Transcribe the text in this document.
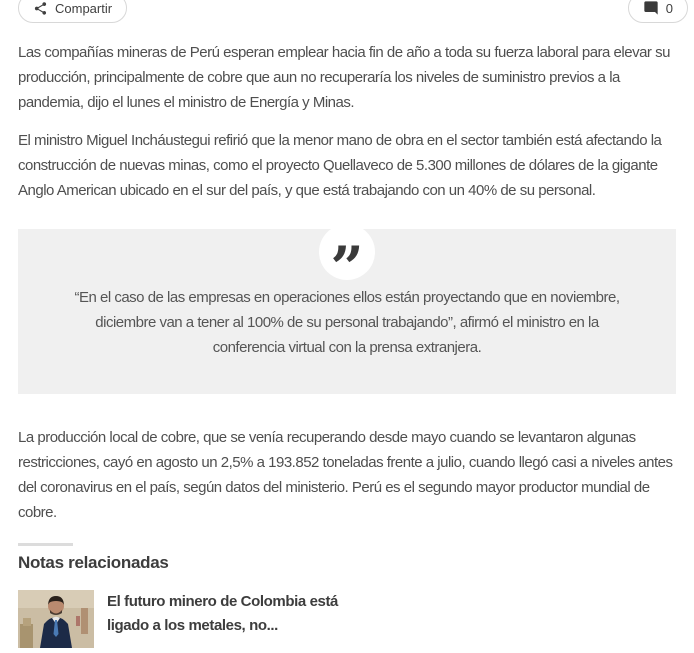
Compartir	0

Las compañías mineras de Perú esperan emplear hacia fin de año a toda su fuerza laboral para elevar su producción, principalmente de cobre que aun no recuperaría los niveles de suministro previos a la pandemia, dijo el lunes el ministro de Energía y Minas.

El ministro Miguel Incháustegui refirió que la menor mano de obra en el sector también está afectando la construcción de nuevas minas, como el proyecto Quellaveco de 5.300 millones de dólares de la gigante Anglo American ubicado en el sur del país, y que está trabajando con un 40% de su personal.

”

“En el caso de las empresas en operaciones ellos están proyectando que en noviembre, diciembre van a tener al 100% de su personal trabajando”, afirmó el ministro en la conferencia virtual con la prensa extranjera.

La producción local de cobre, que se venía recuperando desde mayo cuando se levantaron algunas restricciones, cayó en agosto un 2,5% a 193.852 toneladas frente a julio, cuando llegó casi a niveles antes del coronavirus en el país, según datos del ministerio. Perú es el segundo mayor productor mundial de cobre.

Notas relacionadas

El futuro minero de Colombia está ligado a los metales, no...
